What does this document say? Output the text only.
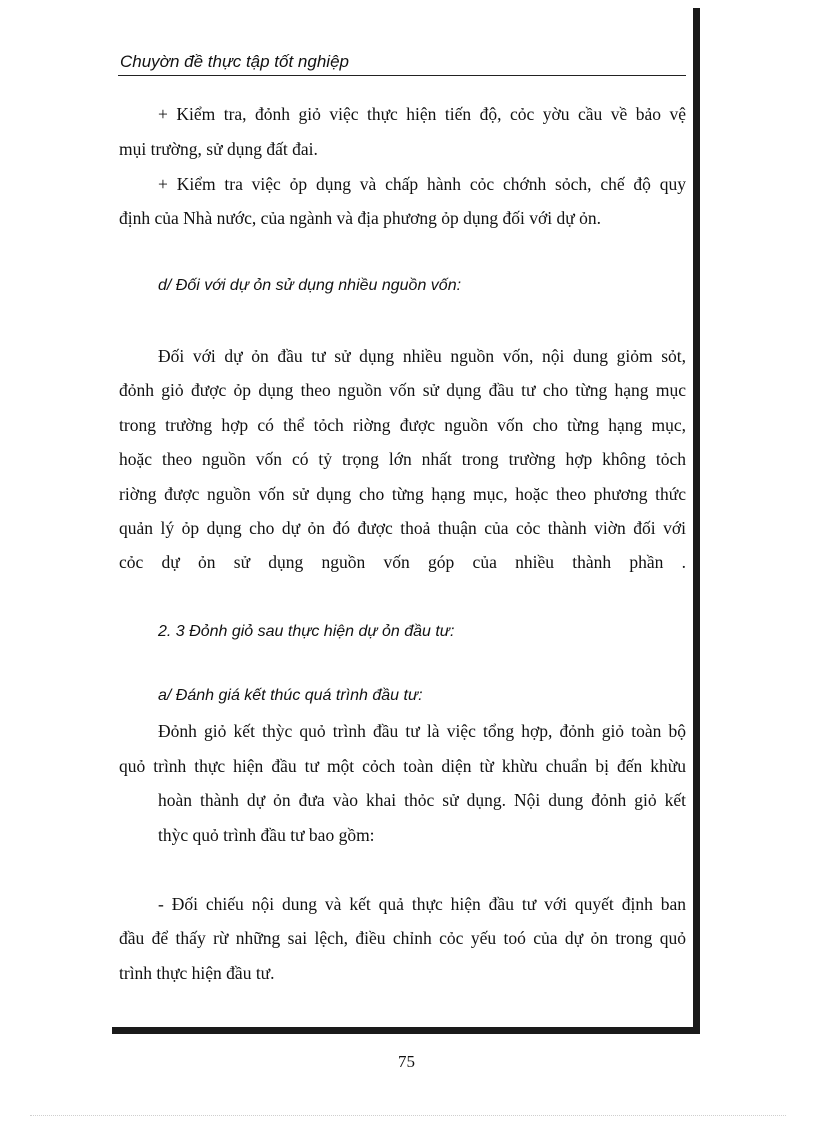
Chuyờn đề thực tập tốt nghiệp
+ Kiểm tra, đỏnh giỏ việc thực hiện tiến độ, cỏc yờu cầu về bảo vệ
mụi trường, sử dụng đất đai.
+ Kiểm tra việc ỏp dụng và chấp hành cỏc chớnh sỏch, chế độ quy
định của Nhà nước, của ngành và địa phương ỏp dụng đối với dự ỏn.
d/ Đối với dự ỏn sử dụng nhiều nguồn vốn:
Đối với dự ỏn đầu tư sử dụng nhiều nguồn vốn, nội dung giỏm sỏt,
đỏnh giỏ được ỏp dụng theo nguồn vốn sử dụng đầu tư cho từng hạng mục
trong trường hợp có thể tỏch riờng được nguồn vốn cho từng hạng mục,
hoặc theo nguồn vốn có tỷ trọng lớn nhất trong trường hợp không tỏch
riờng được nguồn vốn sử dụng cho từng hạng mục, hoặc theo phương thức
quản lý ỏp dụng cho dự ỏn đó được thoả thuận của cỏc thành viờn đối với
cỏc dự ỏn sử dụng nguồn vốn góp của nhiều thành phần .
2. 3 Đỏnh giỏ sau thực hiện dự ỏn đầu tư:
a/ Đánh giá kết thúc quá trình đầu tư:
Đỏnh giỏ kết thỳc quỏ trình đầu tư là việc tổng hợp, đỏnh giỏ toàn bộ
quỏ trình thực hiện đầu tư một cỏch toàn diện từ khừu chuẩn bị đến khừu
hoàn thành dự ỏn đưa vào khai thỏc sử dụng. Nội dung đỏnh giỏ kết
thỳc quỏ trình đầu tư bao gồm:
- Đối chiếu nội dung và kết quả thực hiện đầu tư với quyết định ban
đầu để thấy rừ những sai lệch, điều chỉnh cỏc yếu toó của dự ỏn trong quỏ
trình thực hiện đầu tư.
75
